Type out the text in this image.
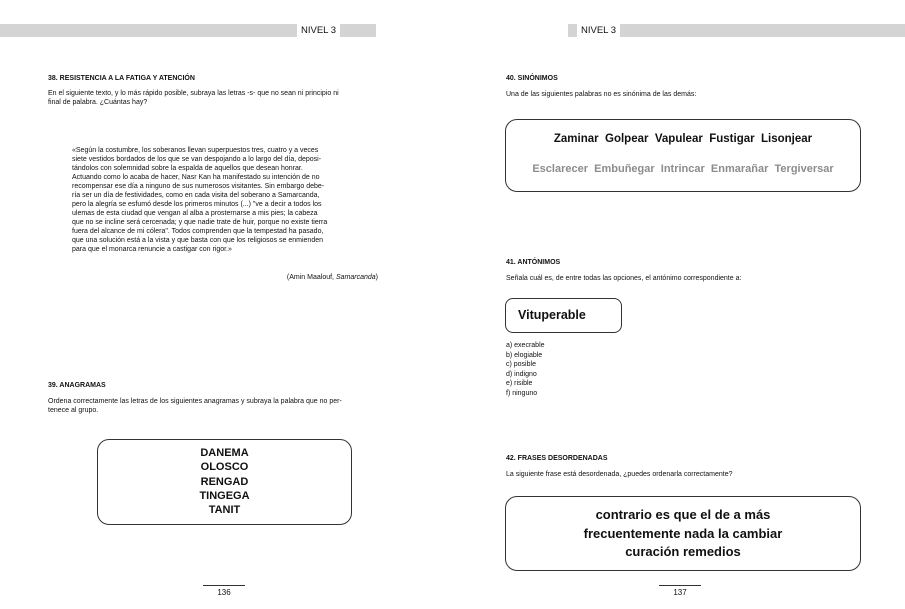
NIVEL 3
38. RESISTENCIA A LA FATIGA Y ATENCIÓN
En el siguiente texto, y lo más rápido posible, subraya las letras -s- que no sean ni principio ni
final de palabra. ¿Cuántas hay?
«Según la costumbre, los soberanos llevan superpuestos tres, cuatro y a veces
siete vestidos bordados de los que se van despojando a lo largo del día, deposi-
tándolos con solemnidad sobre la espalda de aquellos que desean honrar.
Actuando como lo acaba de hacer, Nasr Kan ha manifestado su intención de no
recompensar ese día a ninguno de sus numerosos visitantes. Sin embargo debe-
ría ser un día de festividades, como en cada visita del soberano a Samarcanda,
pero la alegría se esfumó desde los primeros minutos (...) "ve a decir a todos los
ulemas de esta ciudad que vengan al alba a prosternarse a mis pies; la cabeza
que no se incline será cercenada; y que nadie trate de huir, porque no existe tierra
fuera del alcance de mi cólera". Todos comprenden que la tempestad ha pasado,
que una solución está a la vista y que basta con que los religiosos se enmienden
para que el monarca renuncie a castigar con rigor.»
(Amin Maalouf, Samarcanda)
39. ANAGRAMAS
Ordena correctamente las letras de los siguientes anagramas y subraya la palabra que no per-
tenece al grupo.
DANEMA
OLOSCO
RENGAD
TINGEGA
TANIT
136
NIVEL 3
40. SINÓNIMOS
Una de las siguientes palabras no es sinónima de las demás:
Zaminar Golpear Vapulear Fustigar Lisonjear
Esclarecer Embuñegar Intrincar Enmarañar Tergiversar
41. ANTÓNIMOS
Señala cuál es, de entre todas las opciones, el antónimo correspondiente a:
Vituperable
a) execrable
b) elogiable
c) posible
d) indigno
e) risible
f) ninguno
42. FRASES DESORDENADAS
La siguiente frase está desordenada, ¿puedes ordenarla correctamente?
contrario es que el de a más
frecuentemente nada la cambiar
curación remedios
137
